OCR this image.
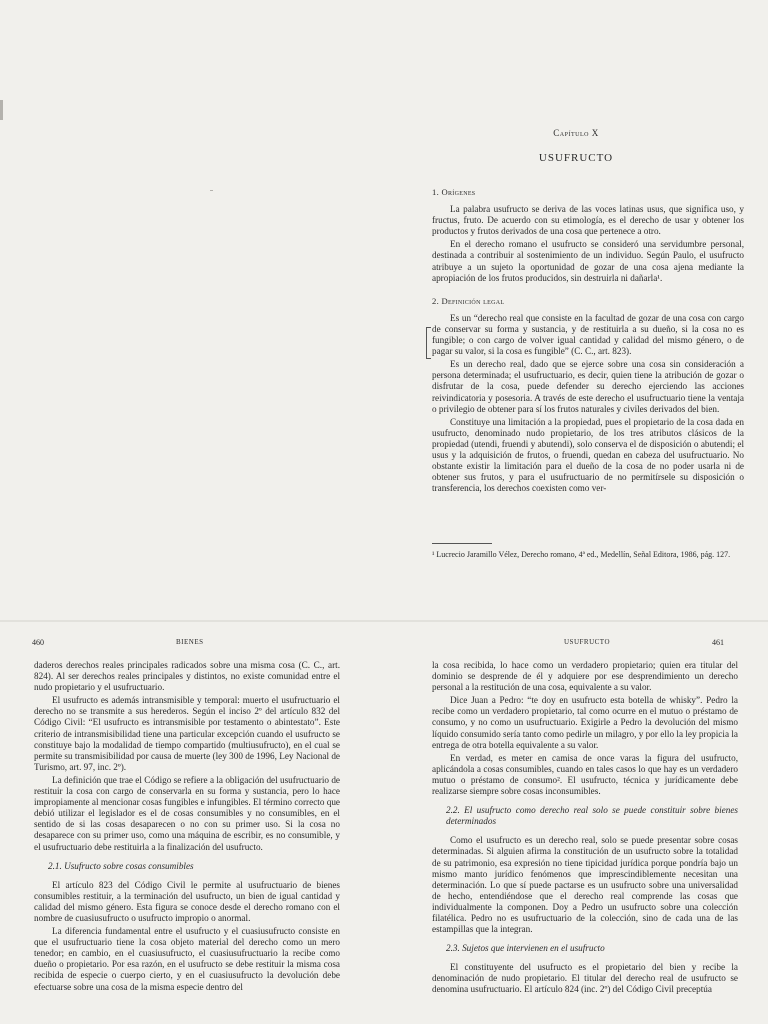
Capítulo X
USUFRUCTO
1. Orígenes

La palabra usufructo se deriva de las voces latinas usus, que significa uso, y fructus, fruto. De acuerdo con su etimología, es el derecho de usar y obtener los productos y frutos derivados de una cosa que pertenece a otro.

En el derecho romano el usufructo se consideró una servidumbre personal, destinada a contribuir al sostenimiento de un individuo. Según Paulo, el usufructo atribuye a un sujeto la oportunidad de gozar de una cosa ajena mediante la apropiación de los frutos producidos, sin destruirla ni dañarla¹.

2. Definición legal

Es un “derecho real que consiste en la facultad de gozar de una cosa con cargo de conservar su forma y sustancia, y de restituirla a su dueño, si la cosa no es fungible; o con cargo de volver igual cantidad y calidad del mismo género, o de pagar su valor, si la cosa es fungible” (C. C., art. 823).

Es un derecho real, dado que se ejerce sobre una cosa sin consideración a persona determinada; el usufructuario, es decir, quien tiene la atribución de gozar o disfrutar de la cosa, puede defender su derecho ejerciendo las acciones reivindicatoria y posesoria. A través de este derecho el usufructuario tiene la ventaja o privilegio de obtener para sí los frutos naturales y civiles derivados del bien.

Constituye una limitación a la propiedad, pues el propietario de la cosa dada en usufructo, denominado nudo propietario, de los tres atributos clásicos de la propiedad (utendi, fruendi y abutendi), solo conserva el de disposición o abutendi; el usus y la adquisición de frutos, o fruendi, quedan en cabeza del usufructuario. No obstante existir la limitación para el dueño de la cosa de no poder usarla ni de obtener sus frutos, y para el usufructuario de no permitírsele su disposición o transferencia, los derechos coexisten como ver-

¹ Lucrecio Jaramillo Vélez, Derecho romano, 4ª ed., Medellín, Señal Editora, 1986, pág. 127.
460	BIENES

daderos derechos reales principales radicados sobre una misma cosa (C. C., art. 824). Al ser derechos reales principales y distintos, no existe comunidad entre el nudo propietario y el usufructuario.

El usufructo es además intransmisible y temporal: muerto el usufructuario el derecho no se transmite a sus herederos. Según el inciso 2º del artículo 832 del Código Civil: “El usufructo es intransmisible por testamento o abintestato”. Este criterio de intransmisibilidad tiene una particular excepción cuando el usufructo se constituye bajo la modalidad de tiempo compartido (multiusufructo), en el cual se permite su transmisibilidad por causa de muerte (ley 300 de 1996, Ley Nacional de Turismo, art. 97, inc. 2º).

La definición que trae el Código se refiere a la obligación del usufructuario de restituir la cosa con cargo de conservarla en su forma y sustancia, pero lo hace impropiamente al mencionar cosas fungibles e infungibles. El término correcto que debió utilizar el legislador es el de cosas consumibles y no consumibles, en el sentido de si las cosas desaparecen o no con su primer uso. Si la cosa no desaparece con su primer uso, como una máquina de escribir, es no consumible, y el usufructuario debe restituirla a la finalización del usufructo.

2.1. Usufructo sobre cosas consumibles

El artículo 823 del Código Civil le permite al usufructuario de bienes consumibles restituir, a la terminación del usufructo, un bien de igual cantidad y calidad del mismo género. Esta figura se conoce desde el derecho romano con el nombre de cuasiusufructo o usufructo impropio o anormal.

La diferencia fundamental entre el usufructo y el cuasiusufructo consiste en que el usufructuario tiene la cosa objeto material del derecho como un mero tenedor; en cambio, en el cuasiusufructo, el cuasiusufructuario la recibe como dueño o propietario. Por esa razón, en el usufructo se debe restituir la misma cosa recibida de especie o cuerpo cierto, y en el cuasiusufructo la devolución debe efectuarse sobre una cosa de la misma especie dentro del

USUFRUCTO	461

la cosa recibida, lo hace como un verdadero propietario; quien era titular del dominio se desprende de él y adquiere por ese desprendimiento un derecho personal a la restitución de una cosa, equivalente a su valor.

Dice Juan a Pedro: “te doy en usufructo esta botella de whisky”. Pedro la recibe como un verdadero propietario, tal como ocurre en el mutuo o préstamo de consumo, y no como un usufructuario. Exigirle a Pedro la devolución del mismo líquido consumido sería tanto como pedirle un milagro, y por ello la ley propicia la entrega de otra botella equivalente a su valor.

En verdad, es meter en camisa de once varas la figura del usufructo, aplicándola a cosas consumibles, cuando en tales casos lo que hay es un verdadero mutuo o préstamo de consumo². El usufructo, técnica y jurídicamente debe realizarse siempre sobre cosas inconsumibles.

2.2. El usufructo como derecho real solo se puede constituir sobre bienes determinados

Como el usufructo es un derecho real, solo se puede presentar sobre cosas determinadas. Si alguien afirma la constitución de un usufructo sobre la totalidad de su patrimonio, esa expresión no tiene tipicidad jurídica porque pondría bajo un mismo manto jurídico fenómenos que imprescindiblemente necesitan una determinación. Lo que sí puede pactarse es un usufructo sobre una universalidad de hecho, entendiéndose que el derecho real comprende las cosas que individualmente la componen. Doy a Pedro un usufructo sobre una colección filatélica. Pedro no es usufructuario de la colección, sino de cada una de las estampillas que la integran.

2.3. Sujetos que intervienen en el usufructo

El constituyente del usufructo es el propietario del bien y recibe la denominación de nudo propietario. El titular del derecho real de usufructo se denomina usufructuario. El artículo 824 (inc. 2º) del Código Civil preceptúa
